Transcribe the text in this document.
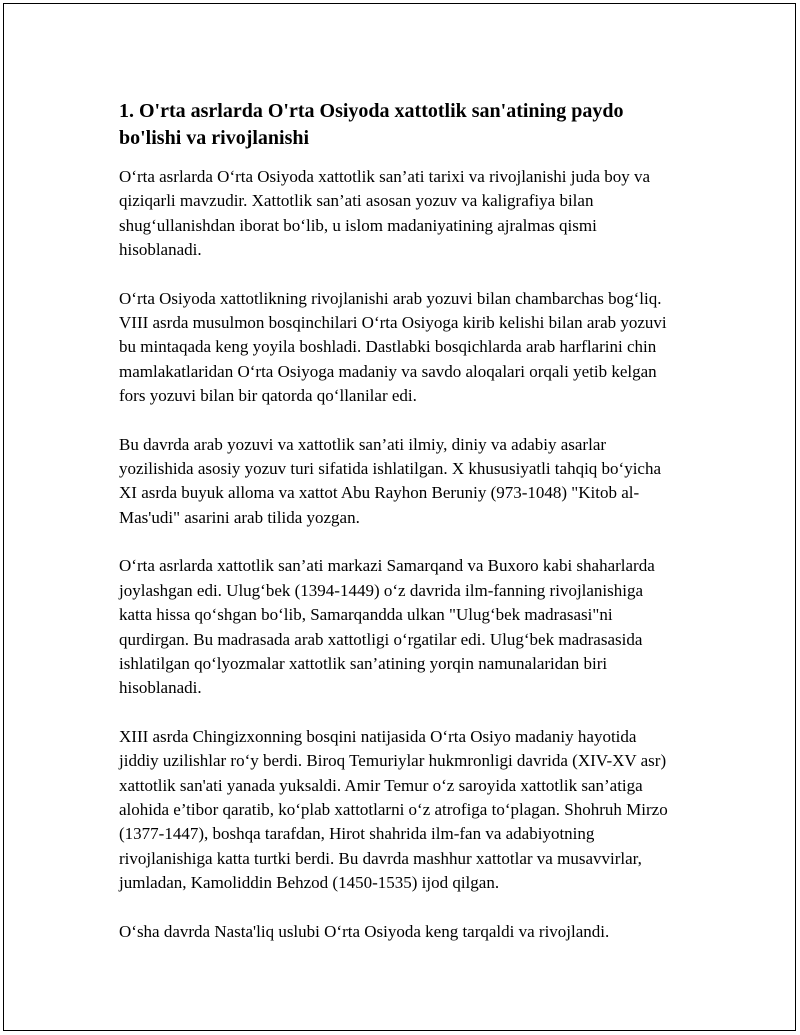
1. O'rta asrlarda O'rta Osiyoda xattotlik san'atining paydo bo'lishi va rivojlanishi

O‘rta asrlarda O‘rta Osiyoda xattotlik san’ati tarixi va rivojlanishi juda boy va qiziqarli mavzudir. Xattotlik san’ati asosan yozuv va kaligrafiya bilan shug‘ullanishdan iborat bo‘lib, u islom madaniyatining ajralmas qismi hisoblanadi.

O‘rta Osiyoda xattotlikning rivojlanishi arab yozuvi bilan chambarchas bog‘liq. VIII asrda musulmon bosqinchilari O‘rta Osiyoga kirib kelishi bilan arab yozuvi bu mintaqada keng yoyila boshladi. Dastlabki bosqichlarda arab harflarini chin mamlakatlaridan O‘rta Osiyoga madaniy va savdo aloqalari orqali yetib kelgan fors yozuvi bilan bir qatorda qo‘llanilar edi.

Bu davrda arab yozuvi va xattotlik san’ati ilmiy, diniy va adabiy asarlar yozilishida asosiy yozuv turi sifatida ishlatilgan. X khususiyatli tahqiq bo‘yicha XI asrda buyuk alloma va xattot Abu Rayhon Beruniy (973-1048) "Kitob al-Mas'udi" asarini arab tilida yozgan.

O‘rta asrlarda xattotlik san’ati markazi Samarqand va Buxoro kabi shaharlarda joylashgan edi. Ulug‘bek (1394-1449) o‘z davrida ilm-fanning rivojlanishiga katta hissa qo‘shgan bo‘lib, Samarqandda ulkan "Ulug‘bek madrasasi"ni qurdirgan. Bu madrasada arab xattotligi o‘rgatilar edi. Ulug‘bek madrasasida ishlatilgan qo‘lyozmalar xattotlik san’atining yorqin namunalaridan biri hisoblanadi.

XIII asrda Chingizxonning bosqini natijasida O‘rta Osiyo madaniy hayotida jiddiy uzilishlar ro‘y berdi. Biroq Temuriylar hukmronligi davrida (XIV-XV asr) xattotlik san'ati yanada yuksaldi. Amir Temur o‘z saroyida xattotlik san’atiga alohida e’tibor qaratib, ko‘plab xattotlarni o‘z atrofiga to‘plagan. Shohruh Mirzo (1377-1447), boshqa tarafdan, Hirot shahrida ilm-fan va adabiyotning rivojlanishiga katta turtki berdi. Bu davrda mashhur xattotlar va musavvirlar, jumladan, Kamoliddin Behzod (1450-1535) ijod qilgan.

O‘sha davrda Nasta'liq uslubi O‘rta Osiyoda keng tarqaldi va rivojlandi.
